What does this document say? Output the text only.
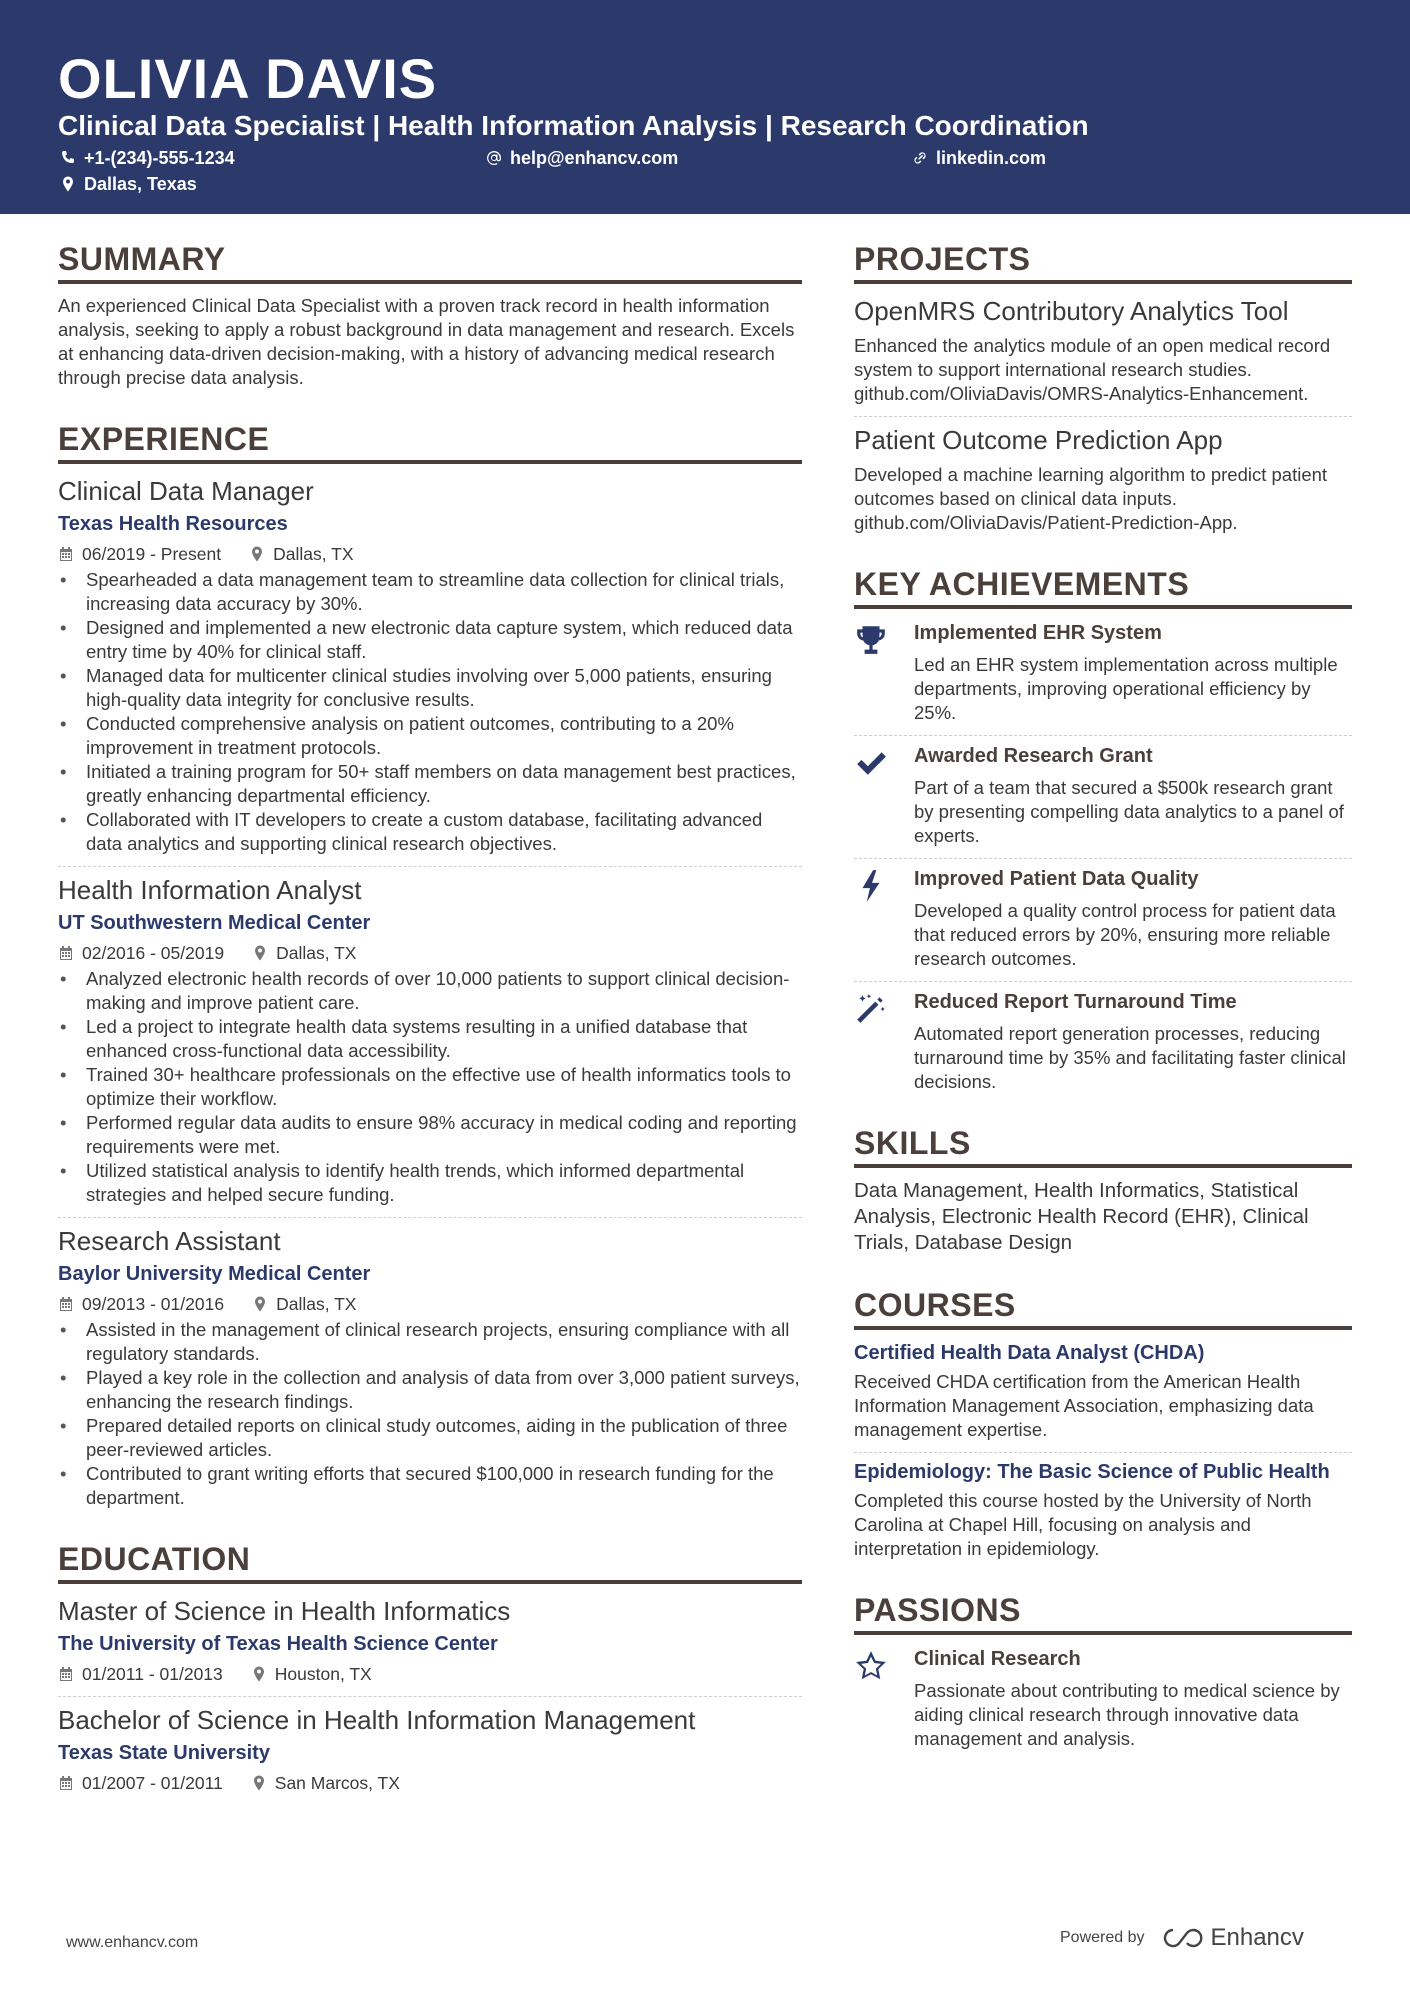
OLIVIA DAVIS
Clinical Data Specialist | Health Information Analysis | Research Coordination
+1-(234)-555-1234	help@enhancv.com	linkedin.com
Dallas, Texas
SUMMARY
An experienced Clinical Data Specialist with a proven track record in health information analysis, seeking to apply a robust background in data management and research. Excels at enhancing data-driven decision-making, with a history of advancing medical research through precise data analysis.
EXPERIENCE
Clinical Data Manager
Texas Health Resources
06/2019 - Present	Dallas, TX
• Spearheaded a data management team to streamline data collection for clinical trials, increasing data accuracy by 30%.
• Designed and implemented a new electronic data capture system, which reduced data entry time by 40% for clinical staff.
• Managed data for multicenter clinical studies involving over 5,000 patients, ensuring high-quality data integrity for conclusive results.
• Conducted comprehensive analysis on patient outcomes, contributing to a 20% improvement in treatment protocols.
• Initiated a training program for 50+ staff members on data management best practices, greatly enhancing departmental efficiency.
• Collaborated with IT developers to create a custom database, facilitating advanced data analytics and supporting clinical research objectives.
Health Information Analyst
UT Southwestern Medical Center
02/2016 - 05/2019	Dallas, TX
• Analyzed electronic health records of over 10,000 patients to support clinical decision-making and improve patient care.
• Led a project to integrate health data systems resulting in a unified database that enhanced cross-functional data accessibility.
• Trained 30+ healthcare professionals on the effective use of health informatics tools to optimize their workflow.
• Performed regular data audits to ensure 98% accuracy in medical coding and reporting requirements were met.
• Utilized statistical analysis to identify health trends, which informed departmental strategies and helped secure funding.
Research Assistant
Baylor University Medical Center
09/2013 - 01/2016	Dallas, TX
• Assisted in the management of clinical research projects, ensuring compliance with all regulatory standards.
• Played a key role in the collection and analysis of data from over 3,000 patient surveys, enhancing the research findings.
• Prepared detailed reports on clinical study outcomes, aiding in the publication of three peer-reviewed articles.
• Contributed to grant writing efforts that secured $100,000 in research funding for the department.
EDUCATION
Master of Science in Health Informatics
The University of Texas Health Science Center
01/2011 - 01/2013	Houston, TX
Bachelor of Science in Health Information Management
Texas State University
01/2007 - 01/2011	San Marcos, TX
PROJECTS
OpenMRS Contributory Analytics Tool
Enhanced the analytics module of an open medical record system to support international research studies. github.com/OliviaDavis/OMRS-Analytics-Enhancement.
Patient Outcome Prediction App
Developed a machine learning algorithm to predict patient outcomes based on clinical data inputs. github.com/OliviaDavis/Patient-Prediction-App.
KEY ACHIEVEMENTS
Implemented EHR System
Led an EHR system implementation across multiple departments, improving operational efficiency by 25%.
Awarded Research Grant
Part of a team that secured a $500k research grant by presenting compelling data analytics to a panel of experts.
Improved Patient Data Quality
Developed a quality control process for patient data that reduced errors by 20%, ensuring more reliable research outcomes.
Reduced Report Turnaround Time
Automated report generation processes, reducing turnaround time by 35% and facilitating faster clinical decisions.
SKILLS
Data Management, Health Informatics, Statistical Analysis, Electronic Health Record (EHR), Clinical Trials, Database Design
COURSES
Certified Health Data Analyst (CHDA)
Received CHDA certification from the American Health Information Management Association, emphasizing data management expertise.
Epidemiology: The Basic Science of Public Health
Completed this course hosted by the University of North Carolina at Chapel Hill, focusing on analysis and interpretation in epidemiology.
PASSIONS
Clinical Research
Passionate about contributing to medical science by aiding clinical research through innovative data management and analysis.
www.enhancv.com	Powered by	Enhancv
